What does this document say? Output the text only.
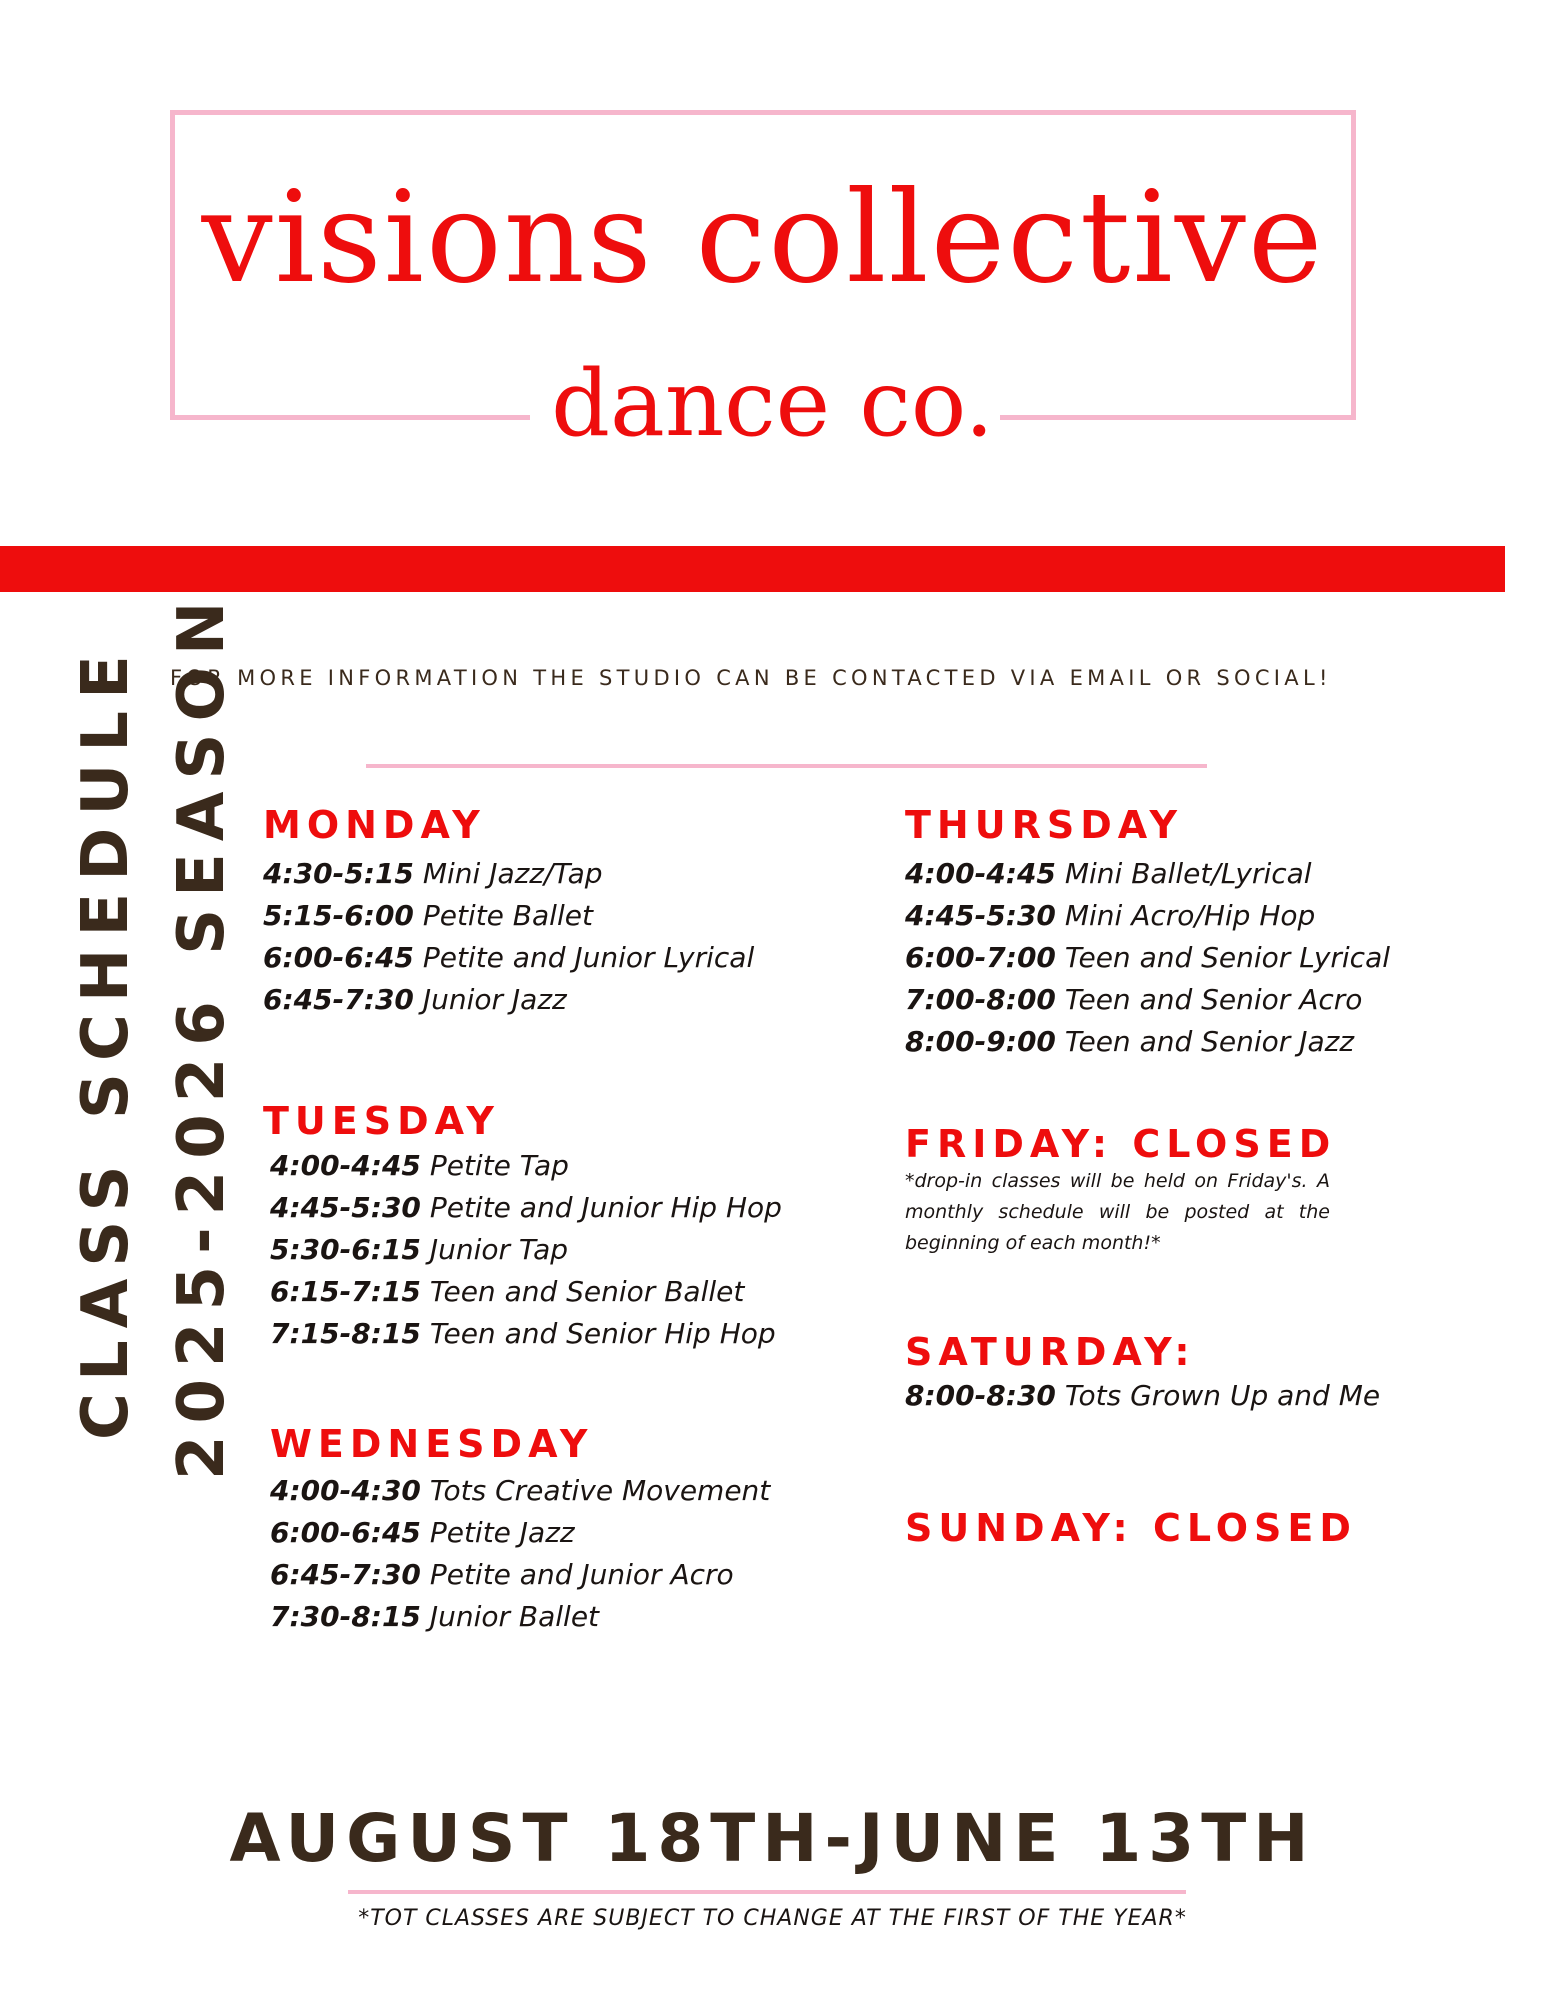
visions collective
dance co.

2092 Wales Rd. NW Massillon, OH 44646  |   visionscollectivedanceco@gmail.com

FOR MORE INFORMATION THE STUDIO CAN BE CONTACTED VIA EMAIL OR SOCIAL!
CLASS SCHEDULE 2025-2026 SEASON MONDAY
4:30-5:15 Mini Jazz/Tap
5:15-6:00 Petite Ballet
6:00-6:45 Petite and Junior Lyrical
6:45-7:30 Junior Jazz
TUESDAY
4:00-4:45 Petite Tap
4:45-5:30 Petite and Junior Hip Hop
5:30-6:15 Junior Tap
6:15-7:15 Teen and Senior Ballet
7:15-8:15 Teen and Senior Hip Hop
WEDNESDAY
4:00-4:30 Tots Creative Movement
6:00-6:45 Petite Jazz
6:45-7:30 Petite and Junior Acro
7:30-8:15 Junior Ballet
THURSDAY
4:00-4:45 Mini Ballet/Lyrical
4:45-5:30 Mini Acro/Hip Hop
6:00-7:00 Teen and Senior Lyrical
7:00-8:00 Teen and Senior Acro
8:00-9:00 Teen and Senior Jazz
FRIDAY: CLOSED
*drop-in classes will be held on Friday's. A monthly schedule will be posted at the beginning of each month!*
SATURDAY:
8:00-8:30 Tots Grown Up and Me
SUNDAY: CLOSED
AUGUST 18TH-JUNE 13TH
*TOT CLASSES ARE SUBJECT TO CHANGE AT THE FIRST OF THE YEAR*
